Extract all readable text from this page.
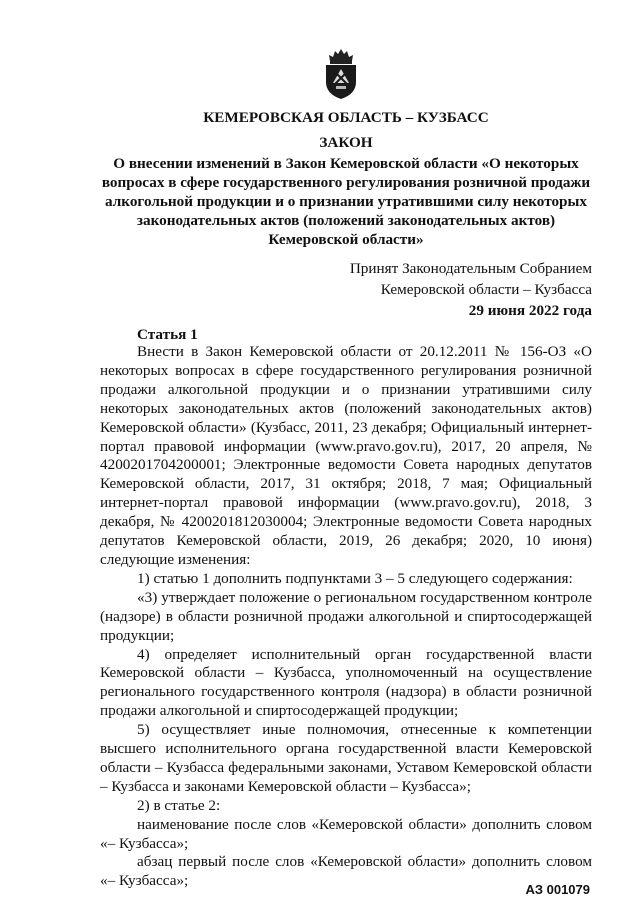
КЕМЕРОВСКАЯ ОБЛАСТЬ – КУЗБАСС
ЗАКОН
О внесении изменений в Закон Кемеровской области «О некоторых вопросах в сфере государственного регулирования розничной продажи алкогольной продукции и о признании утратившими силу некоторых законодательных актов (положений законодательных актов) Кемеровской области»
Принят Законодательным Собранием
Кемеровской области – Кузбасса
29 июня 2022 года
Статья 1

Внести в Закон Кемеровской области от 20.12.2011 № 156-ОЗ «О некоторых вопросах в сфере государственного регулирования розничной продажи алкогольной продукции и о признании утратившими силу некоторых законодательных актов (положений законодательных актов) Кемеровской области» (Кузбасс, 2011, 23 декабря; Официальный интернет-портал правовой информации (www.pravo.gov.ru), 2017, 20 апреля, № 4200201704200001; Электронные ведомости Совета народных депутатов Кемеровской области, 2017, 31 октября; 2018, 7 мая; Официальный интернет-портал правовой информации (www.pravo.gov.ru), 2018, 3 декабря, № 4200201812030004; Электронные ведомости Совета народных депутатов Кемеровской области, 2019, 26 декабря; 2020, 10 июня) следующие изменения:

1) статью 1 дополнить подпунктами 3 – 5 следующего содержания:

«3) утверждает положение о региональном государственном контроле (надзоре) в области розничной продажи алкогольной и спиртосодержащей продукции;

4) определяет исполнительный орган государственной власти Кемеровской области – Кузбасса, уполномоченный на осуществление регионального государственного контроля (надзора) в области розничной продажи алкогольной и спиртосодержащей продукции;

5) осуществляет иные полномочия, отнесенные к компетенции высшего исполнительного органа государственной власти Кемеровской области – Кузбасса федеральными законами, Уставом Кемеровской области – Кузбасса и законами Кемеровской области – Кузбасса»;

2) в статье 2:

наименование после слов «Кемеровской области» дополнить словом «– Кузбасса»;

абзац первый после слов «Кемеровской области» дополнить словом «– Кузбасса»;

АЗ 001079
